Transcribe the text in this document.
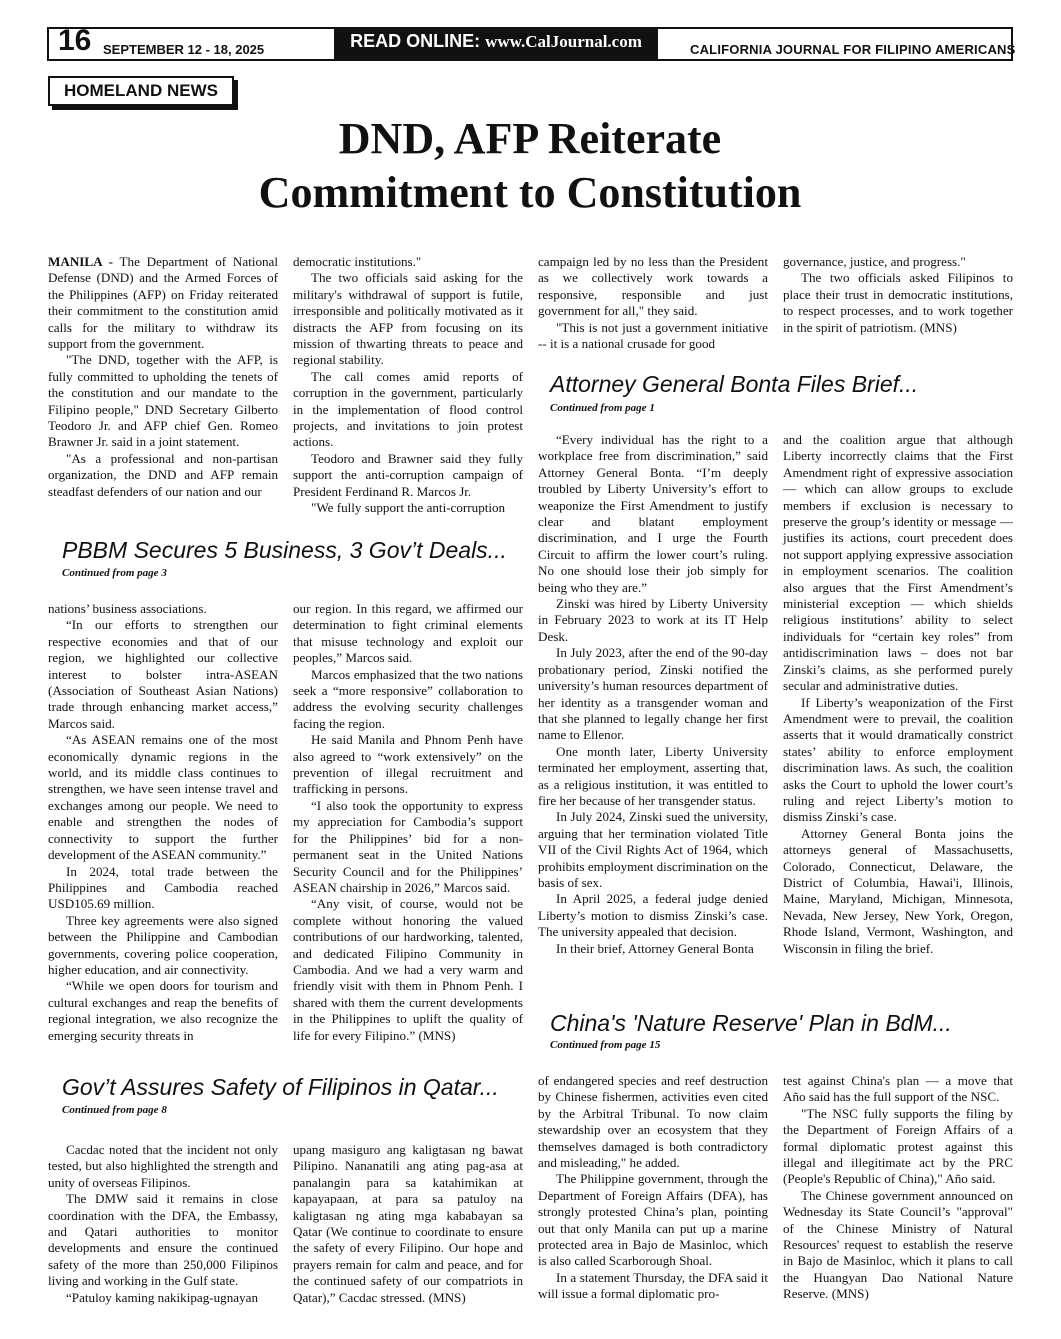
16 SEPTEMBER 12 - 18, 2025	READ ONLINE: www.CalJournal.com	CALIFORNIA JOURNAL FOR FILIPINO AMERICANS
HOMELAND NEWS
DND, AFP Reiterate
Commitment to Constitution

MANILA - The Department of National Defense (DND) and the Armed Forces of the Philippines (AFP) on Friday reiterated their commitment to the constitution amid calls for the military to withdraw its support from the government.

"The DND, together with the AFP, is fully committed to upholding the tenets of the constitution and our mandate to the Filipino people," DND Secretary Gilberto Teodoro Jr. and AFP chief Gen. Romeo Brawner Jr. said in a joint statement.

"As a professional and non-partisan organization, the DND and AFP remain steadfast defenders of our nation and our

democratic institutions."

The two officials said asking for the military's withdrawal of support is futile, irresponsible and politically motivated as it distracts the AFP from focusing on its mission of thwarting threats to peace and regional stability.

The call comes amid reports of corruption in the government, particularly in the implementation of flood control projects, and invitations to join protest actions.

Teodoro and Brawner said they fully support the anti-corruption campaign of President Ferdinand R. Marcos Jr.

"We fully support the anti-corruption

campaign led by no less than the President as we collectively work towards a responsive, responsible and just government for all," they said.

"This is not just a government initiative -- it is a national crusade for good

governance, justice, and progress."

The two officials asked Filipinos to place their trust in democratic institutions, to respect processes, and to work together in the spirit of patriotism. (MNS)

Attorney General Bonta Files Brief...
Continued from page 1

“Every individual has the right to a workplace free from discrimination,” said Attorney General Bonta. “I’m deeply troubled by Liberty University’s effort to weaponize the First Amendment to justify clear and blatant employment discrimination, and I urge the Fourth Circuit to affirm the lower court’s ruling. No one should lose their job simply for being who they are.”

Zinski was hired by Liberty University in February 2023 to work at its IT Help Desk.

In July 2023, after the end of the 90-day probationary period, Zinski notified the university’s human resources department of her identity as a transgender woman and that she planned to legally change her first name to Ellenor.

One month later, Liberty University terminated her employment, asserting that, as a religious institution, it was entitled to fire her because of her transgender status.

In July 2024, Zinski sued the university, arguing that her termination violated Title VII of the Civil Rights Act of 1964, which prohibits employment discrimination on the basis of sex.

In April 2025, a federal judge denied Liberty’s motion to dismiss Zinski’s case. The university appealed that decision.

In their brief, Attorney General Bonta

and the coalition argue that although Liberty incorrectly claims that the First Amendment right of expressive association — which can allow groups to exclude members if exclusion is necessary to preserve the group’s identity or message — justifies its actions, court precedent does not support applying expressive association in employment scenarios. The coalition also argues that the First Amendment’s ministerial exception — which shields religious institutions’ ability to select individuals for “certain key roles” from antidiscrimination laws – does not bar Zinski’s claims, as she performed purely secular and administrative duties.

If Liberty’s weaponization of the First Amendment were to prevail, the coalition asserts that it would dramatically constrict states’ ability to enforce employment discrimination laws. As such, the coalition asks the Court to uphold the lower court’s ruling and reject Liberty’s motion to dismiss Zinski’s case.

Attorney General Bonta joins the attorneys general of Massachusetts, Colorado, Connecticut, Delaware, the District of Columbia, Hawai'i, Illinois, Maine, Maryland, Michigan, Minnesota, Nevada, New Jersey, New York, Oregon, Rhode Island, Vermont, Washington, and Wisconsin in filing the brief.

PBBM Secures 5 Business, 3 Gov’t Deals...
Continued from page 3

nations’ business associations.

“In our efforts to strengthen our respective economies and that of our region, we highlighted our collective interest to bolster intra-ASEAN (Association of Southeast Asian Nations) trade through enhancing market access,” Marcos said.

“As ASEAN remains one of the most economically dynamic regions in the world, and its middle class continues to strengthen, we have seen intense travel and exchanges among our people. We need to enable and strengthen the nodes of connectivity to support the further development of the ASEAN community.”

In 2024, total trade between the Philippines and Cambodia reached USD105.69 million.

Three key agreements were also signed between the Philippine and Cambodian governments, covering police cooperation, higher education, and air connectivity.

“While we open doors for tourism and cultural exchanges and reap the benefits of regional integration, we also recognize the emerging security threats in

our region. In this regard, we affirmed our determination to fight criminal elements that misuse technology and exploit our peoples,” Marcos said.

Marcos emphasized that the two nations seek a “more responsive” collaboration to address the evolving security challenges facing the region.

He said Manila and Phnom Penh have also agreed to “work extensively” on the prevention of illegal recruitment and trafficking in persons.

“I also took the opportunity to express my appreciation for Cambodia’s support for the Philippines’ bid for a non-permanent seat in the United Nations Security Council and for the Philippines’ ASEAN chairship in 2026,” Marcos said.

“Any visit, of course, would not be complete without honoring the valued contributions of our hardworking, talented, and dedicated Filipino Community in Cambodia. And we had a very warm and friendly visit with them in Phnom Penh. I shared with them the current developments in the Philippines to uplift the quality of life for every Filipino.” (MNS)	China's 'Nature Reserve' Plan in BdM...
Continued from page 15

of endangered species and reef destruction by Chinese fishermen, activities even cited by the Arbitral Tribunal. To now claim stewardship over an ecosystem that they themselves damaged is both contradictory and misleading," he added.

The Philippine government, through the Department of Foreign Affairs (DFA), has strongly protested China’s plan, pointing out that only Manila can put up a marine protected area in Bajo de Masinloc, which is also called Scarborough Shoal.

In a statement Thursday, the DFA said it will issue a formal diplomatic pro-

test against China's plan — a move that Año said has the full support of the NSC.

"The NSC fully supports the filing by the Department of Foreign Affairs of a formal diplomatic protest against this illegal and illegitimate act by the PRC (People's Republic of China)," Año said.

The Chinese government announced on Wednesday its State Council’s "approval" of the Chinese Ministry of Natural Resources' request to establish the reserve in Bajo de Masinloc, which it plans to call the Huangyan Dao National Nature Reserve. (MNS)

Gov’t Assures Safety of Filipinos in Qatar...
Continued from page 8

Cacdac noted that the incident not only tested, but also highlighted the strength and unity of overseas Filipinos.

The DMW said it remains in close coordination with the DFA, the Embassy, and Qatari authorities to monitor developments and ensure the continued safety of the more than 250,000 Filipinos living and working in the Gulf state.

“Patuloy kaming nakikipag-ugnayan

upang masiguro ang kaligtasan ng bawat Pilipino. Nananatili ang ating pag-asa at panalangin para sa katahimikan at kapayapaan, at para sa patuloy na kaligtasan ng ating mga kababayan sa Qatar (We continue to coordinate to ensure the safety of every Filipino. Our hope and prayers remain for calm and peace, and for the continued safety of our compatriots in Qatar),” Cacdac stressed. (MNS)
